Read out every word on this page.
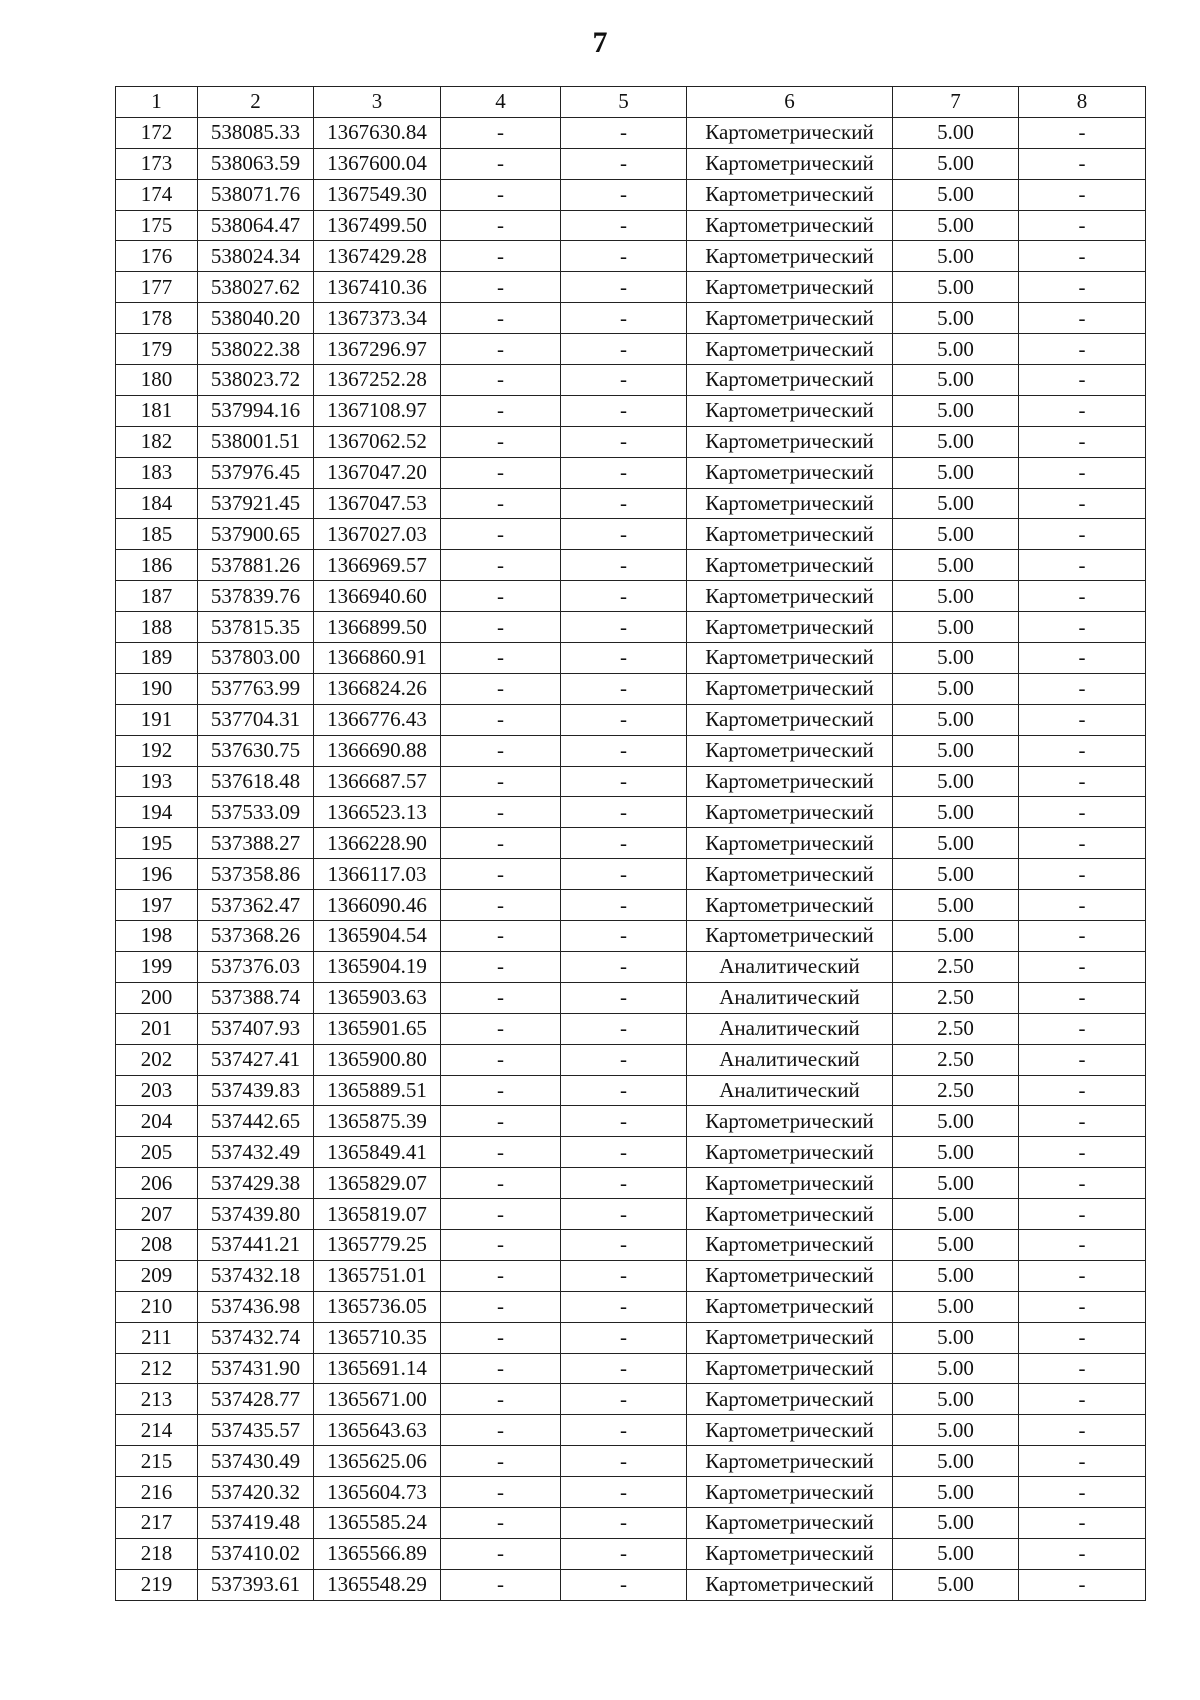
7
1	2	3	4	5	6	7	8
172	538085.33	1367630.84	-	-	Картометрический	5.00	-
173	538063.59	1367600.04	-	-	Картометрический	5.00	-
174	538071.76	1367549.30	-	-	Картометрический	5.00	-
175	538064.47	1367499.50	-	-	Картометрический	5.00	-
176	538024.34	1367429.28	-	-	Картометрический	5.00	-
177	538027.62	1367410.36	-	-	Картометрический	5.00	-
178	538040.20	1367373.34	-	-	Картометрический	5.00	-
179	538022.38	1367296.97	-	-	Картометрический	5.00	-
180	538023.72	1367252.28	-	-	Картометрический	5.00	-
181	537994.16	1367108.97	-	-	Картометрический	5.00	-
182	538001.51	1367062.52	-	-	Картометрический	5.00	-
183	537976.45	1367047.20	-	-	Картометрический	5.00	-
184	537921.45	1367047.53	-	-	Картометрический	5.00	-
185	537900.65	1367027.03	-	-	Картометрический	5.00	-
186	537881.26	1366969.57	-	-	Картометрический	5.00	-
187	537839.76	1366940.60	-	-	Картометрический	5.00	-
188	537815.35	1366899.50	-	-	Картометрический	5.00	-
189	537803.00	1366860.91	-	-	Картометрический	5.00	-
190	537763.99	1366824.26	-	-	Картометрический	5.00	-
191	537704.31	1366776.43	-	-	Картометрический	5.00	-
192	537630.75	1366690.88	-	-	Картометрический	5.00	-
193	537618.48	1366687.57	-	-	Картометрический	5.00	-
194	537533.09	1366523.13	-	-	Картометрический	5.00	-
195	537388.27	1366228.90	-	-	Картометрический	5.00	-
196	537358.86	1366117.03	-	-	Картометрический	5.00	-
197	537362.47	1366090.46	-	-	Картометрический	5.00	-
198	537368.26	1365904.54	-	-	Картометрический	5.00	-
199	537376.03	1365904.19	-	-	Аналитический	2.50	-
200	537388.74	1365903.63	-	-	Аналитический	2.50	-
201	537407.93	1365901.65	-	-	Аналитический	2.50	-
202	537427.41	1365900.80	-	-	Аналитический	2.50	-
203	537439.83	1365889.51	-	-	Аналитический	2.50	-
204	537442.65	1365875.39	-	-	Картометрический	5.00	-
205	537432.49	1365849.41	-	-	Картометрический	5.00	-
206	537429.38	1365829.07	-	-	Картометрический	5.00	-
207	537439.80	1365819.07	-	-	Картометрический	5.00	-
208	537441.21	1365779.25	-	-	Картометрический	5.00	-
209	537432.18	1365751.01	-	-	Картометрический	5.00	-
210	537436.98	1365736.05	-	-	Картометрический	5.00	-
211	537432.74	1365710.35	-	-	Картометрический	5.00	-
212	537431.90	1365691.14	-	-	Картометрический	5.00	-
213	537428.77	1365671.00	-	-	Картометрический	5.00	-
214	537435.57	1365643.63	-	-	Картометрический	5.00	-
215	537430.49	1365625.06	-	-	Картометрический	5.00	-
216	537420.32	1365604.73	-	-	Картометрический	5.00	-
217	537419.48	1365585.24	-	-	Картометрический	5.00	-
218	537410.02	1365566.89	-	-	Картометрический	5.00	-
219	537393.61	1365548.29	-	-	Картометрический	5.00	-
